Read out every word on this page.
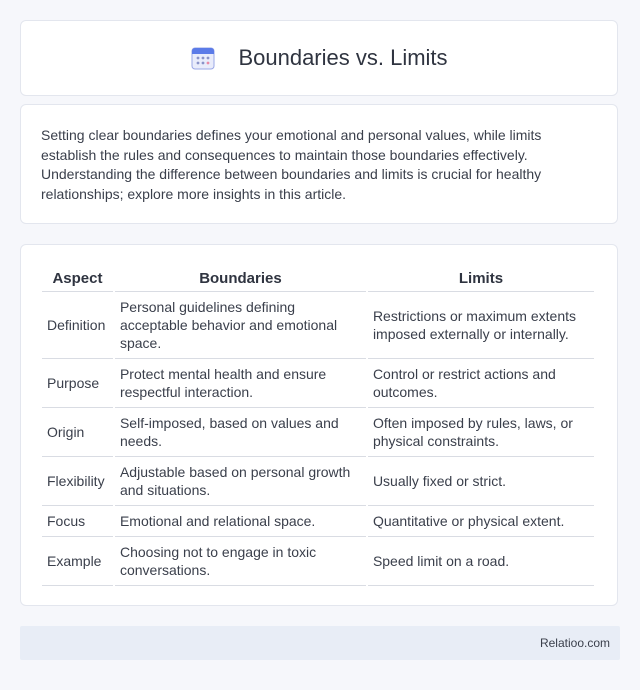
Boundaries vs. Limits

Setting clear boundaries defines your emotional and personal values, while limits establish the rules and consequences to maintain those boundaries effectively. Understanding the difference between boundaries and limits is crucial for healthy relationships; explore more insights in this article.

Aspect	Boundaries	Limits
Definition	Personal guidelines defining acceptable behavior and emotional space.	Restrictions or maximum extents imposed externally or internally.
Purpose	Protect mental health and ensure respectful interaction.	Control or restrict actions and outcomes.
Origin	Self-imposed, based on values and needs.	Often imposed by rules, laws, or physical constraints.
Flexibility	Adjustable based on personal growth and situations.	Usually fixed or strict.
Focus	Emotional and relational space.	Quantitative or physical extent.
Example	Choosing not to engage in toxic conversations.	Speed limit on a road.
Relatioo.com
